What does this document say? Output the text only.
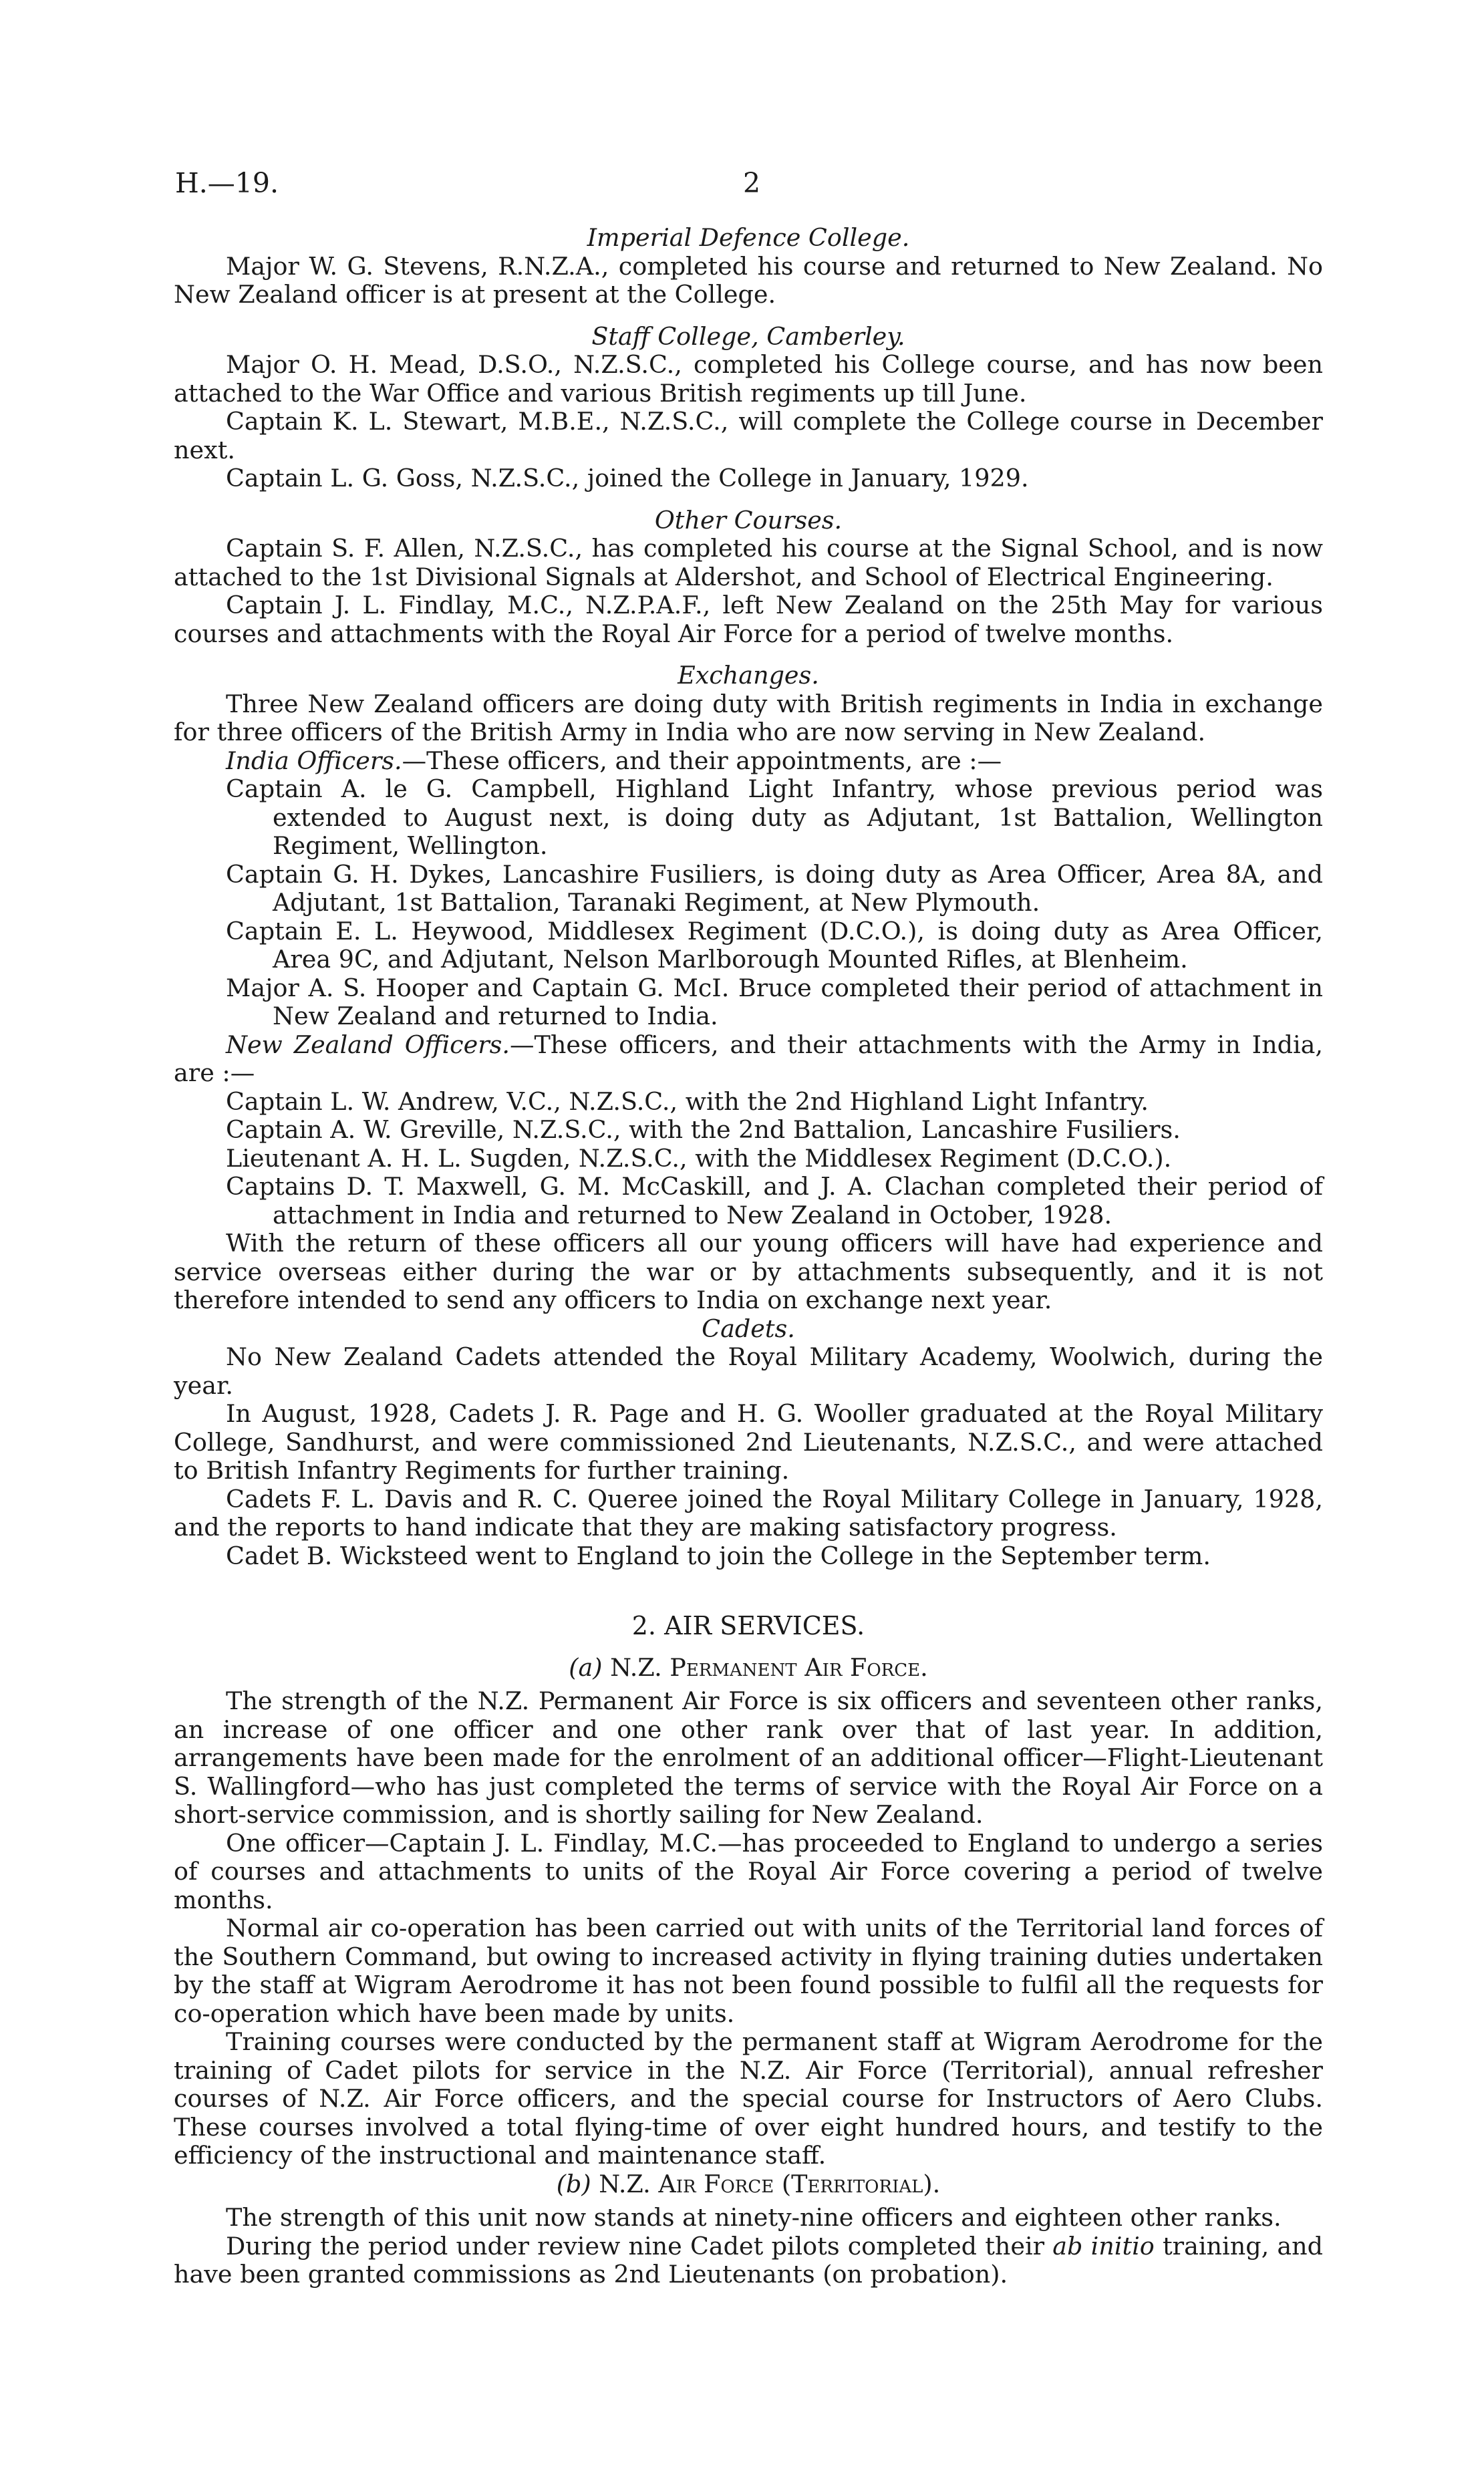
H.—19.	2

Imperial Defence College.

Major W. G. Stevens, R.N.Z.A., completed his course and returned to New Zealand. No New Zealand officer is at present at the College.

Staff College, Camberley.

Major O. H. Mead, D.S.O., N.Z.S.C., completed his College course, and has now been attached to the War Office and various British regiments up till June.

Captain K. L. Stewart, M.B.E., N.Z.S.C., will complete the College course in December next.

Captain L. G. Goss, N.Z.S.C., joined the College in January, 1929.

Other Courses.

Captain S. F. Allen, N.Z.S.C., has completed his course at the Signal School, and is now attached to the 1st Divisional Signals at Aldershot, and School of Electrical Engineering.

Captain J. L. Findlay, M.C., N.Z.P.A.F., left New Zealand on the 25th May for various courses and attachments with the Royal Air Force for a period of twelve months.

Exchanges.

Three New Zealand officers are doing duty with British regiments in India in exchange for three officers of the British Army in India who are now serving in New Zealand.

India Officers.—These officers, and their appointments, are :—

Captain A. le G. Campbell, Highland Light Infantry, whose previous period was extended to August next, is doing duty as Adjutant, 1st Battalion, Wellington Regiment, Wellington.

Captain G. H. Dykes, Lancashire Fusiliers, is doing duty as Area Officer, Area 8A, and Adjutant, 1st Battalion, Taranaki Regiment, at New Plymouth.

Captain E. L. Heywood, Middlesex Regiment (D.C.O.), is doing duty as Area Officer, Area 9C, and Adjutant, Nelson Marlborough Mounted Rifles, at Blenheim.

Major A. S. Hooper and Captain G. McI. Bruce completed their period of attachment in New Zealand and returned to India.

New Zealand Officers.—These officers, and their attachments with the Army in India, are :—

Captain L. W. Andrew, V.C., N.Z.S.C., with the 2nd Highland Light Infantry.

Captain A. W. Greville, N.Z.S.C., with the 2nd Battalion, Lancashire Fusiliers.

Lieutenant A. H. L. Sugden, N.Z.S.C., with the Middlesex Regiment (D.C.O.).

Captains D. T. Maxwell, G. M. McCaskill, and J. A. Clachan completed their period of attachment in India and returned to New Zealand in October, 1928.

With the return of these officers all our young officers will have had experience and service overseas either during the war or by attachments subsequently, and it is not therefore intended to send any officers to India on exchange next year.

Cadets.

No New Zealand Cadets attended the Royal Military Academy, Woolwich, during the year.

In August, 1928, Cadets J. R. Page and H. G. Wooller graduated at the Royal Military College, Sandhurst, and were commissioned 2nd Lieutenants, N.Z.S.C., and were attached to British Infantry Regiments for further training.

Cadets F. L. Davis and R. C. Queree joined the Royal Military College in January, 1928, and the reports to hand indicate that they are making satisfactory progress.

Cadet B. Wicksteed went to England to join the College in the September term.

2. AIR SERVICES.

(a) N.Z. Permanent Air Force.

The strength of the N.Z. Permanent Air Force is six officers and seventeen other ranks, an increase of one officer and one other rank over that of last year. In addition, arrangements have been made for the enrolment of an additional officer—Flight-Lieutenant S. Wallingford—who has just completed the terms of service with the Royal Air Force on a short-service commission, and is shortly sailing for New Zealand.

One officer—Captain J. L. Findlay, M.C.—has proceeded to England to undergo a series of courses and attachments to units of the Royal Air Force covering a period of twelve months.

Normal air co-operation has been carried out with units of the Territorial land forces of the Southern Command, but owing to increased activity in flying training duties undertaken by the staff at Wigram Aerodrome it has not been found possible to fulfil all the requests for co-operation which have been made by units.

Training courses were conducted by the permanent staff at Wigram Aerodrome for the training of Cadet pilots for service in the N.Z. Air Force (Territorial), annual refresher courses of N.Z. Air Force officers, and the special course for Instructors of Aero Clubs. These courses involved a total flying-time of over eight hundred hours, and testify to the efficiency of the instructional and maintenance staff.

(b) N.Z. Air Force (Territorial).

The strength of this unit now stands at ninety-nine officers and eighteen other ranks.

During the period under review nine Cadet pilots completed their ab initio training, and have been granted commissions as 2nd Lieutenants (on probation).
